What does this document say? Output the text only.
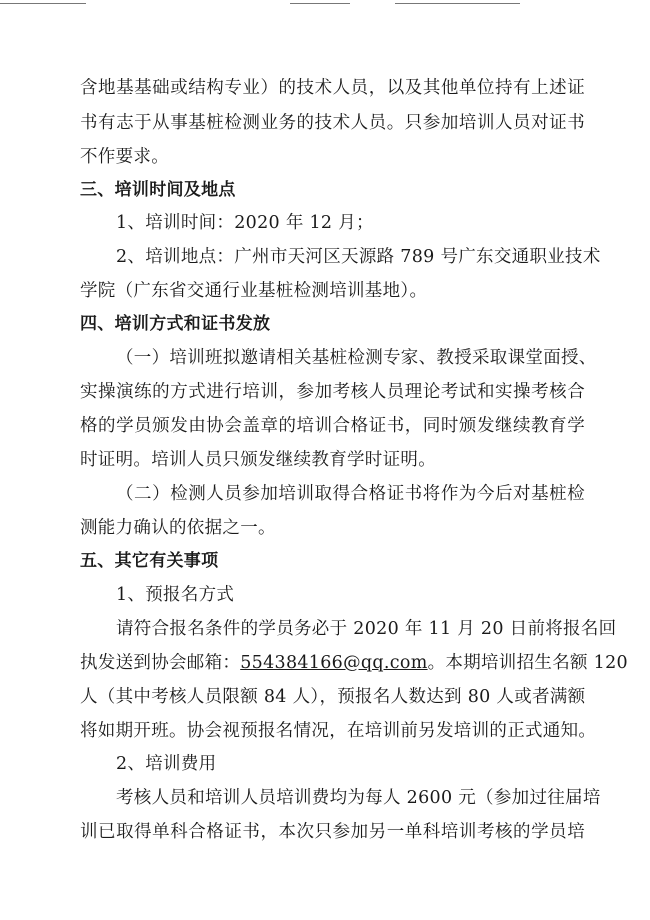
含地基基础或结构专业）的技术人员，以及其他单位持有上述证
书有志于从事基桩检测业务的技术人员。只参加培训人员对证书
不作要求。
三、培训时间及地点
1、培训时间：2020 年 12 月；
2、培训地点：广州市天河区天源路 789 号广东交通职业技术
学院（广东省交通行业基桩检测培训基地）。
四、培训方式和证书发放
（一）培训班拟邀请相关基桩检测专家、教授采取课堂面授、
实操演练的方式进行培训，参加考核人员理论考试和实操考核合
格的学员颁发由协会盖章的培训合格证书，同时颁发继续教育学
时证明。培训人员只颁发继续教育学时证明。
（二）检测人员参加培训取得合格证书将作为今后对基桩检
测能力确认的依据之一。
五、其它有关事项
1、预报名方式
请符合报名条件的学员务必于 2020 年 11 月 20 日前将报名回
执发送到协会邮箱：554384166@qq.com。本期培训招生名额 120
人（其中考核人员限额 84 人），预报名人数达到 80 人或者满额
将如期开班。协会视预报名情况，在培训前另发培训的正式通知。
2、培训费用
考核人员和培训人员培训费均为每人 2600 元（参加过往届培
训已取得单科合格证书，本次只参加另一单科培训考核的学员培
